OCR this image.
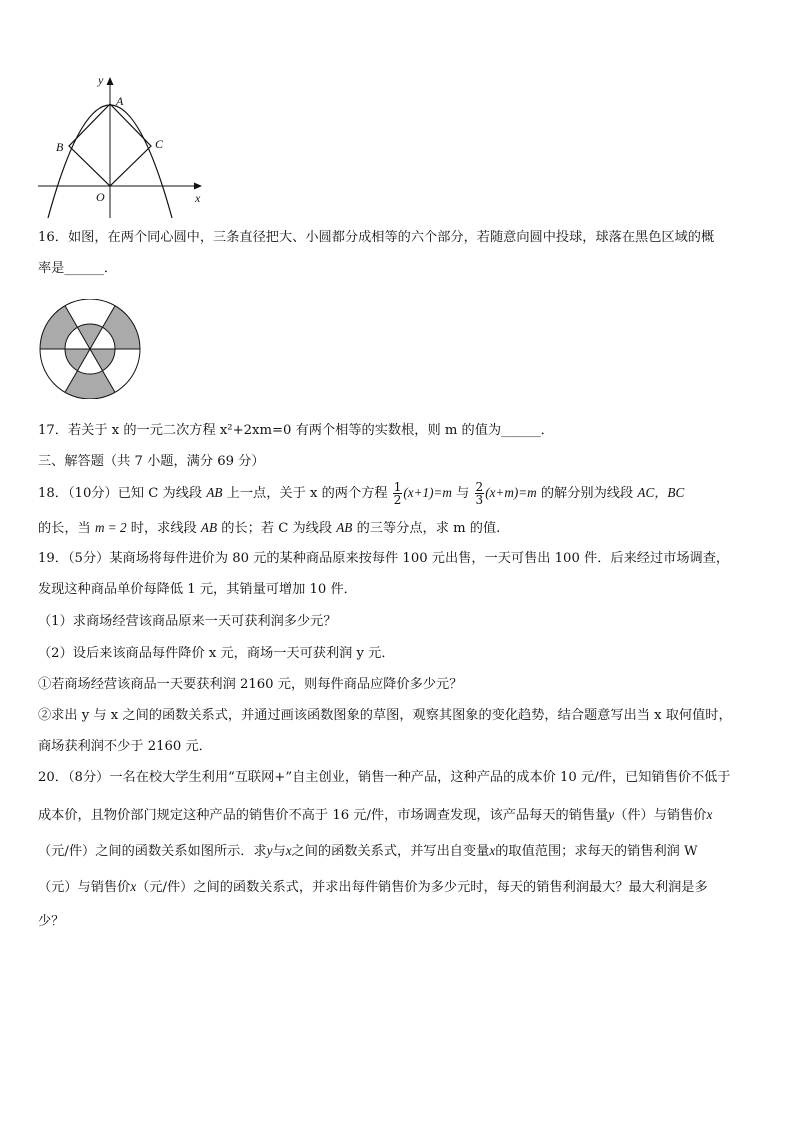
y
A
B	C
O	x
16．如图，在两个同心圆中，三条直径把大、小圆都分成相等的六个部分，若随意向圆中投球，球落在黑色区域的概
率是______．
17．若关于 x 的一元二次方程 x²+2xm=0 有两个相等的实数根，则 m 的值为______．
三、解答题（共 7 小题，满分 69 分）
18．（10分）已知 C 为线段 AB 上一点，关于 x 的两个方程 $\frac{1}{2} (x+1)=m$ 与 $\frac{2}{3} (x+m)=m$ 的解分别为线段 AC，BC
的长，当 m = 2 时，求线段 AB 的长；若 C 为线段 AB 的三等分点，求 m 的值.
19．（5分）某商场将每件进价为 80 元的某种商品原来按每件 100 元出售，一天可售出 100 件．后来经过市场调查，
发现这种商品单价每降低 1 元，其销量可增加 10 件．
（1）求商场经营该商品原来一天可获利润多少元？
（2）设后来该商品每件降价 x 元，商场一天可获利润 y 元．
①若商场经营该商品一天要获利润 2160 元，则每件商品应降价多少元？
②求出 y 与 x 之间的函数关系式，并通过画该函数图象的草图，观察其图象的变化趋势，结合题意写出当 x 取何值时，
商场获利润不少于 2160 元．
20．（8分）一名在校大学生利用“互联网+”自主创业，销售一种产品，这种产品的成本价 10 元/件，已知销售价不低于
成本价，且物价部门规定这种产品的销售价不高于 16 元/件，市场调查发现，该产品每天的销售量y（件）与销售价x
（元/件）之间的函数关系如图所示．求y与x之间的函数关系式，并写出自变量x的取值范围；求每天的销售利润 W
（元）与销售价x（元/件）之间的函数关系式，并求出每件销售价为多少元时，每天的销售利润最大？最大利润是多
少？
